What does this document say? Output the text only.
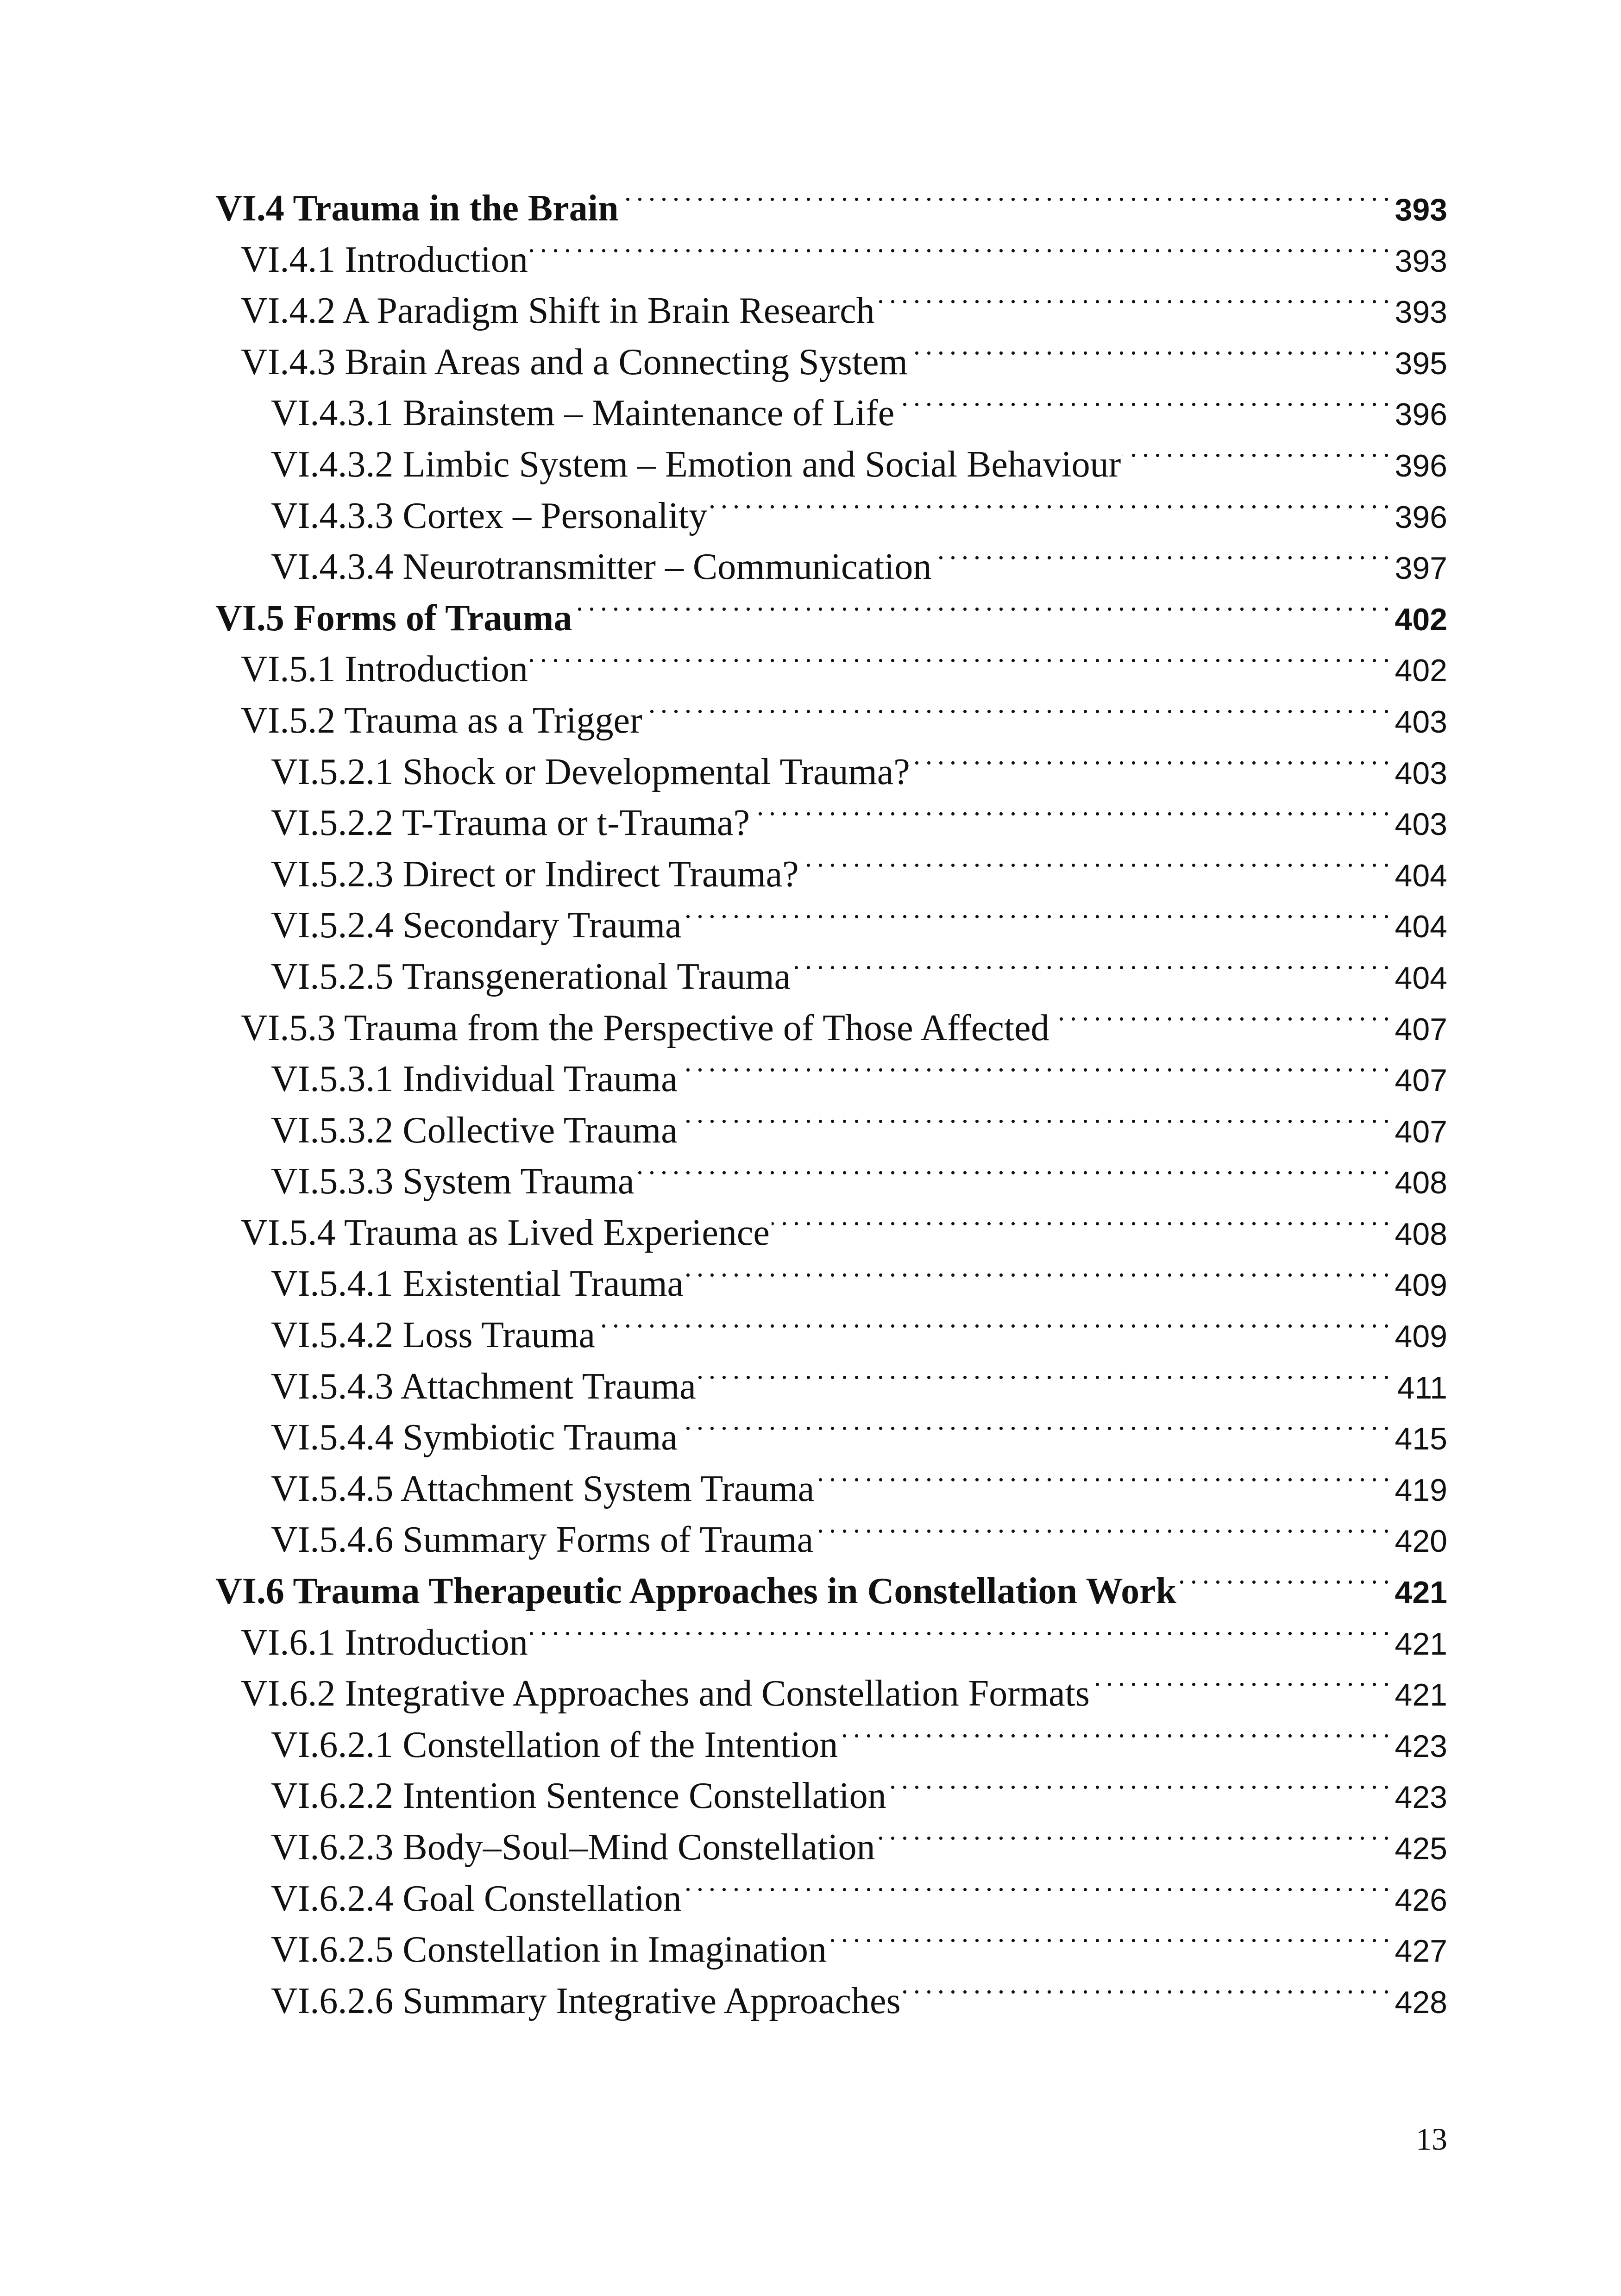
VI.4 Trauma in the Brain . . .	393
VI.4.1 Introduction . . .	393
VI.4.2 A Paradigm Shift in Brain Research . . .	393
VI.4.3 Brain Areas and a Connecting System . . .	395
VI.4.3.1 Brainstem – Maintenance of Life . . .	396
VI.4.3.2 Limbic System – Emotion and Social Behaviour . . .	396
VI.4.3.3 Cortex – Personality . . .	396
VI.4.3.4 Neurotransmitter – Communication . . .	397
VI.5 Forms of Trauma . . .	402
VI.5.1 Introduction . . .	402
VI.5.2 Trauma as a Trigger . . .	403
VI.5.2.1 Shock or Developmental Trauma? . . .	403
VI.5.2.2 T-Trauma or t-Trauma? . . .	403
VI.5.2.3 Direct or Indirect Trauma? . . .	404
VI.5.2.4 Secondary Trauma . . .	404
VI.5.2.5 Transgenerational Trauma . . .	404
VI.5.3 Trauma from the Perspective of Those Affected . . .	407
VI.5.3.1 Individual Trauma . . .	407
VI.5.3.2 Collective Trauma . . .	407
VI.5.3.3 System Trauma . . .	408
VI.5.4 Trauma as Lived Experience . . .	408
VI.5.4.1 Existential Trauma . . .	409
VI.5.4.2 Loss Trauma . . .	409
VI.5.4.3 Attachment Trauma . . .	411
VI.5.4.4 Symbiotic Trauma . . .	415
VI.5.4.5 Attachment System Trauma . . .	419
VI.5.4.6 Summary Forms of Trauma . . .	420
VI.6 Trauma Therapeutic Approaches in Constellation Work . . .	421
VI.6.1 Introduction . . .	421
VI.6.2 Integrative Approaches and Constellation Formats . . .	421
VI.6.2.1 Constellation of the Intention . . .	423
VI.6.2.2 Intention Sentence Constellation . . .	423
VI.6.2.3 Body–Soul–Mind Constellation . . .	425
VI.6.2.4 Goal Constellation . . .	426
VI.6.2.5 Constellation in Imagination . . .	427
VI.6.2.6 Summary Integrative Approaches . . .	428
13
